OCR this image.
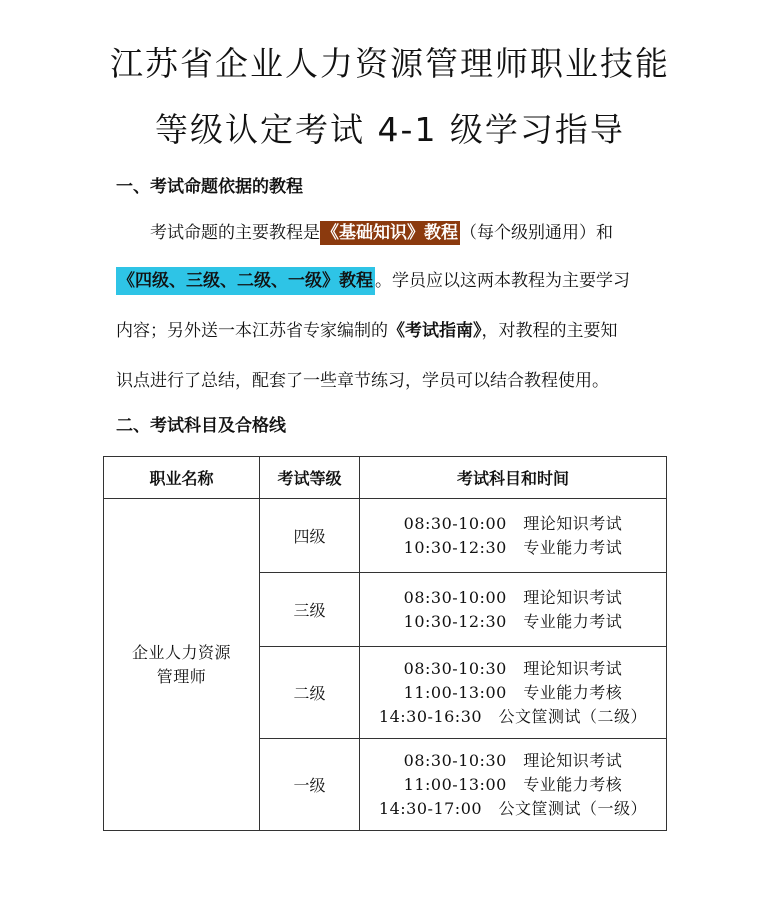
江苏省企业人力资源管理师职业技能
等级认定考试 4-1 级学习指导
一、考试命题依据的教程
考试命题的主要教程是 《基础知识》教程 （每个级别通用）和
《四级、三级、二级、一级》教程 。学员应以这两本教程为主要学习
内容；另外送一本江苏省专家编制的《考试指南》，对教程的主要知
识点进行了总结，配套了一些章节练习，学员可以结合教程使用。
二、考试科目及合格线
职业名称	考试等级	考试科目和时间

企业人力资源
管理师	四级	08:30-10:00　理论知识考试
10:30-12:30　专业能力考试

	三级	08:30-10:00　理论知识考试
10:30-12:30　专业能力考试

	二级	08:30-10:30　理论知识考试
11:00-13:00　专业能力考核
14:30-16:30　公文筐测试（二级）

	一级	08:30-10:30　理论知识考试
11:00-13:00　专业能力考核
14:30-17:00　公文筐测试（一级）
